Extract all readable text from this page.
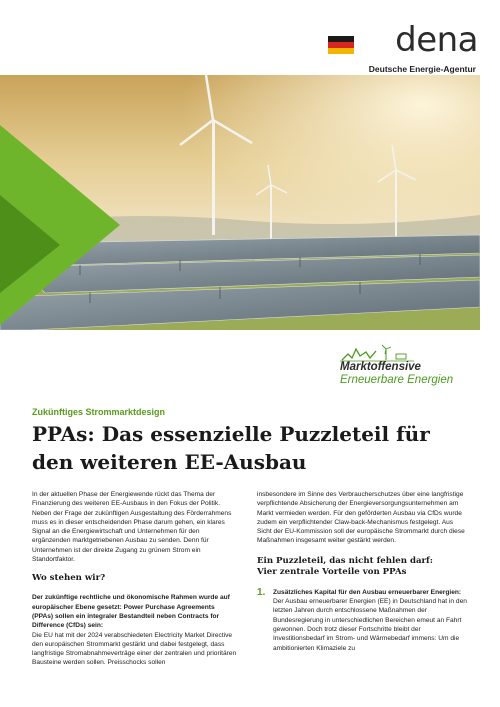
dena
Deutsche Energie-Agentur
Marktoffensive
Erneuerbare Energien
Zukünftiges Strommarktdesign
PPAs: Das essenzielle Puzzleteil für den weiteren EE-Ausbau

In der aktuellen Phase der Energiewende rückt das Thema der Finanzierung des weiteren EE-Ausbaus in den Fokus der Politik. Neben der Frage der zukünftigen Ausgestaltung des Förderrahmens muss es in dieser entscheidenden Phase darum gehen, ein klares Signal an die Energiewirtschaft und Unternehmen für den ergänzenden marktgetriebenen Ausbau zu senden. Denn für Unternehmen ist der direkte Zugang zu grünem Strom ein Standortfaktor.

Wo stehen wir?

Der zukünftige rechtliche und ökonomische Rahmen wurde auf europäischer Ebene gesetzt: Power Purchase Agreements (PPAs) sollen ein integraler Bestandteil neben Contracts for Difference (CfDs) sein:

Die EU hat mit der 2024 verabschiedeten Electricity Market Directive den europäischen Strommarkt gestärkt und dabei festgelegt, dass langfristige Stromabnahmeverträge einer der zentralen und prioritären Bausteine werden sollen. Preisschocks sollen

insbesondere im Sinne des Verbraucherschutzes über eine langfristige verpflichtende Absicherung der Energieversorgungsunternehmen am Markt vermieden werden. Für den geförderten Ausbau via CfDs wurde zudem ein verpflichtender Claw-back-Mechanismus festgelegt. Aus Sicht der EU-Kommission soll der europäische Strommarkt durch diese Maßnahmen insgesamt weiter gestärkt werden.

Ein Puzzleteil, das nicht fehlen darf:

Vier zentrale Vorteile von PPAs

1. Zusätzliches Kapital für den Ausbau erneuerbarer Energien: Der Ausbau erneuerbarer Energien (EE) in Deutschland hat in den letzten Jahren durch entschlossene Maßnahmen der Bundesregierung in unterschiedlichen Bereichen emeut an Fahrt gewonnen. Doch trotz dieser Fortschritte bleibt der Investitionsbedarf im Strom- und Wärmebedarf immens: Um die ambitionierten Klimaziele zu
